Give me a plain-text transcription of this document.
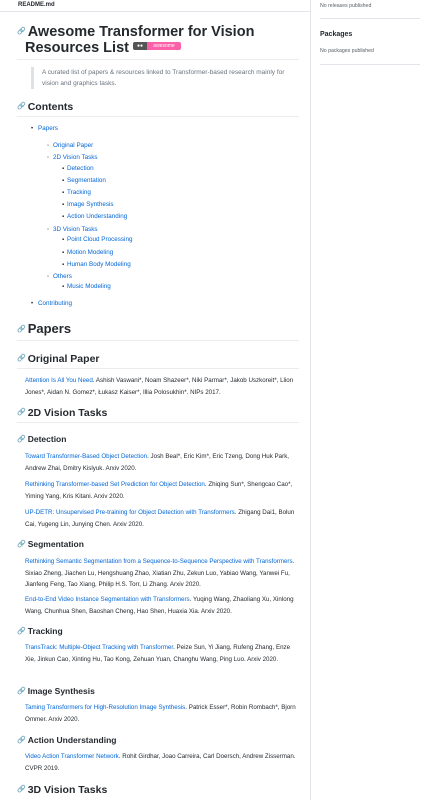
README.md
🔗 Awesome Transformer for Vision
Resources List ●● awesome
A curated list of papers & resources linked to Transformer-based research mainly for vision and graphics tasks.
🔗 Contents
• Papers
◦ Original Paper
◦ 2D Vision Tasks
▪ Detection
▪ Segmentation
▪ Tracking
▪ Image Synthesis
▪ Action Understanding
◦ 3D Vision Tasks
▪ Point Cloud Processing
▪ Motion Modeling
▪ Human Body Modeling
◦ Others
▪ Music Modeling
• Contributing
🔗 Papers
🔗 Original Paper
Attention Is All You Need. Ashish Vaswani*, Noam Shazeer*, Niki Parmar*, Jakob Uszkoreit*, Llion Jones*, Aidan N. Gomez*, Łukasz Kaiser*, Illia Polosukhin*. NIPs 2017.
🔗 2D Vision Tasks
🔗 Detection
Toward Transformer-Based Object Detection. Josh Beal*, Eric Kim*, Eric Tzeng, Dong Huk Park, Andrew Zhai, Dmitry Kislyuk. Arxiv 2020.
Rethinking Transformer-based Set Prediction for Object Detection. Zhiqing Sun*, Shengcao Cao*, Yiming Yang, Kris Kitani. Arxiv 2020.
UP-DETR: Unsupervised Pre-training for Object Detection with Transformers. Zhigang Dai1, Bolun Cai, Yugeng Lin, Junying Chen. Arxiv 2020.
🔗 Segmentation
Rethinking Semantic Segmentation from a Sequence-to-Sequence Perspective with Transformers. Sixiao Zheng, Jiachen Lu, Hengshuang Zhao, Xiatian Zhu, Zekun Luo, Yabiao Wang, Yanwei Fu, Jianfeng Feng, Tao Xiang, Philip H.S. Torr, Li Zhang. Arxiv 2020.
End-to-End Video Instance Segmentation with Transformers. Yuqing Wang, Zhaoliang Xu, Xinlong Wang, Chunhua Shen, Baoshan Cheng, Hao Shen, Huaxia Xia. Arxiv 2020.
🔗 Tracking
TransTrack: Multiple-Object Tracking with Transformer. Peize Sun, Yi Jiang, Rufeng Zhang, Enze Xie, Jinkun Cao, Xinting Hu, Tao Kong, Zehuan Yuan, Changhu Wang, Ping Luo. Arxiv 2020.
🔗 Image Synthesis
Taming Transformers for High-Resolution Image Synthesis. Patrick Esser*, Robin Rombach*, Bjorn Ommer. Arxiv 2020.
🔗 Action Understanding
Video Action Transformer Network. Rohit Girdhar, Joao Carreira, Carl Doersch, Andrew Zisserman. CVPR 2019.
🔗 3D Vision Tasks
No releases published
Packages
No packages published
